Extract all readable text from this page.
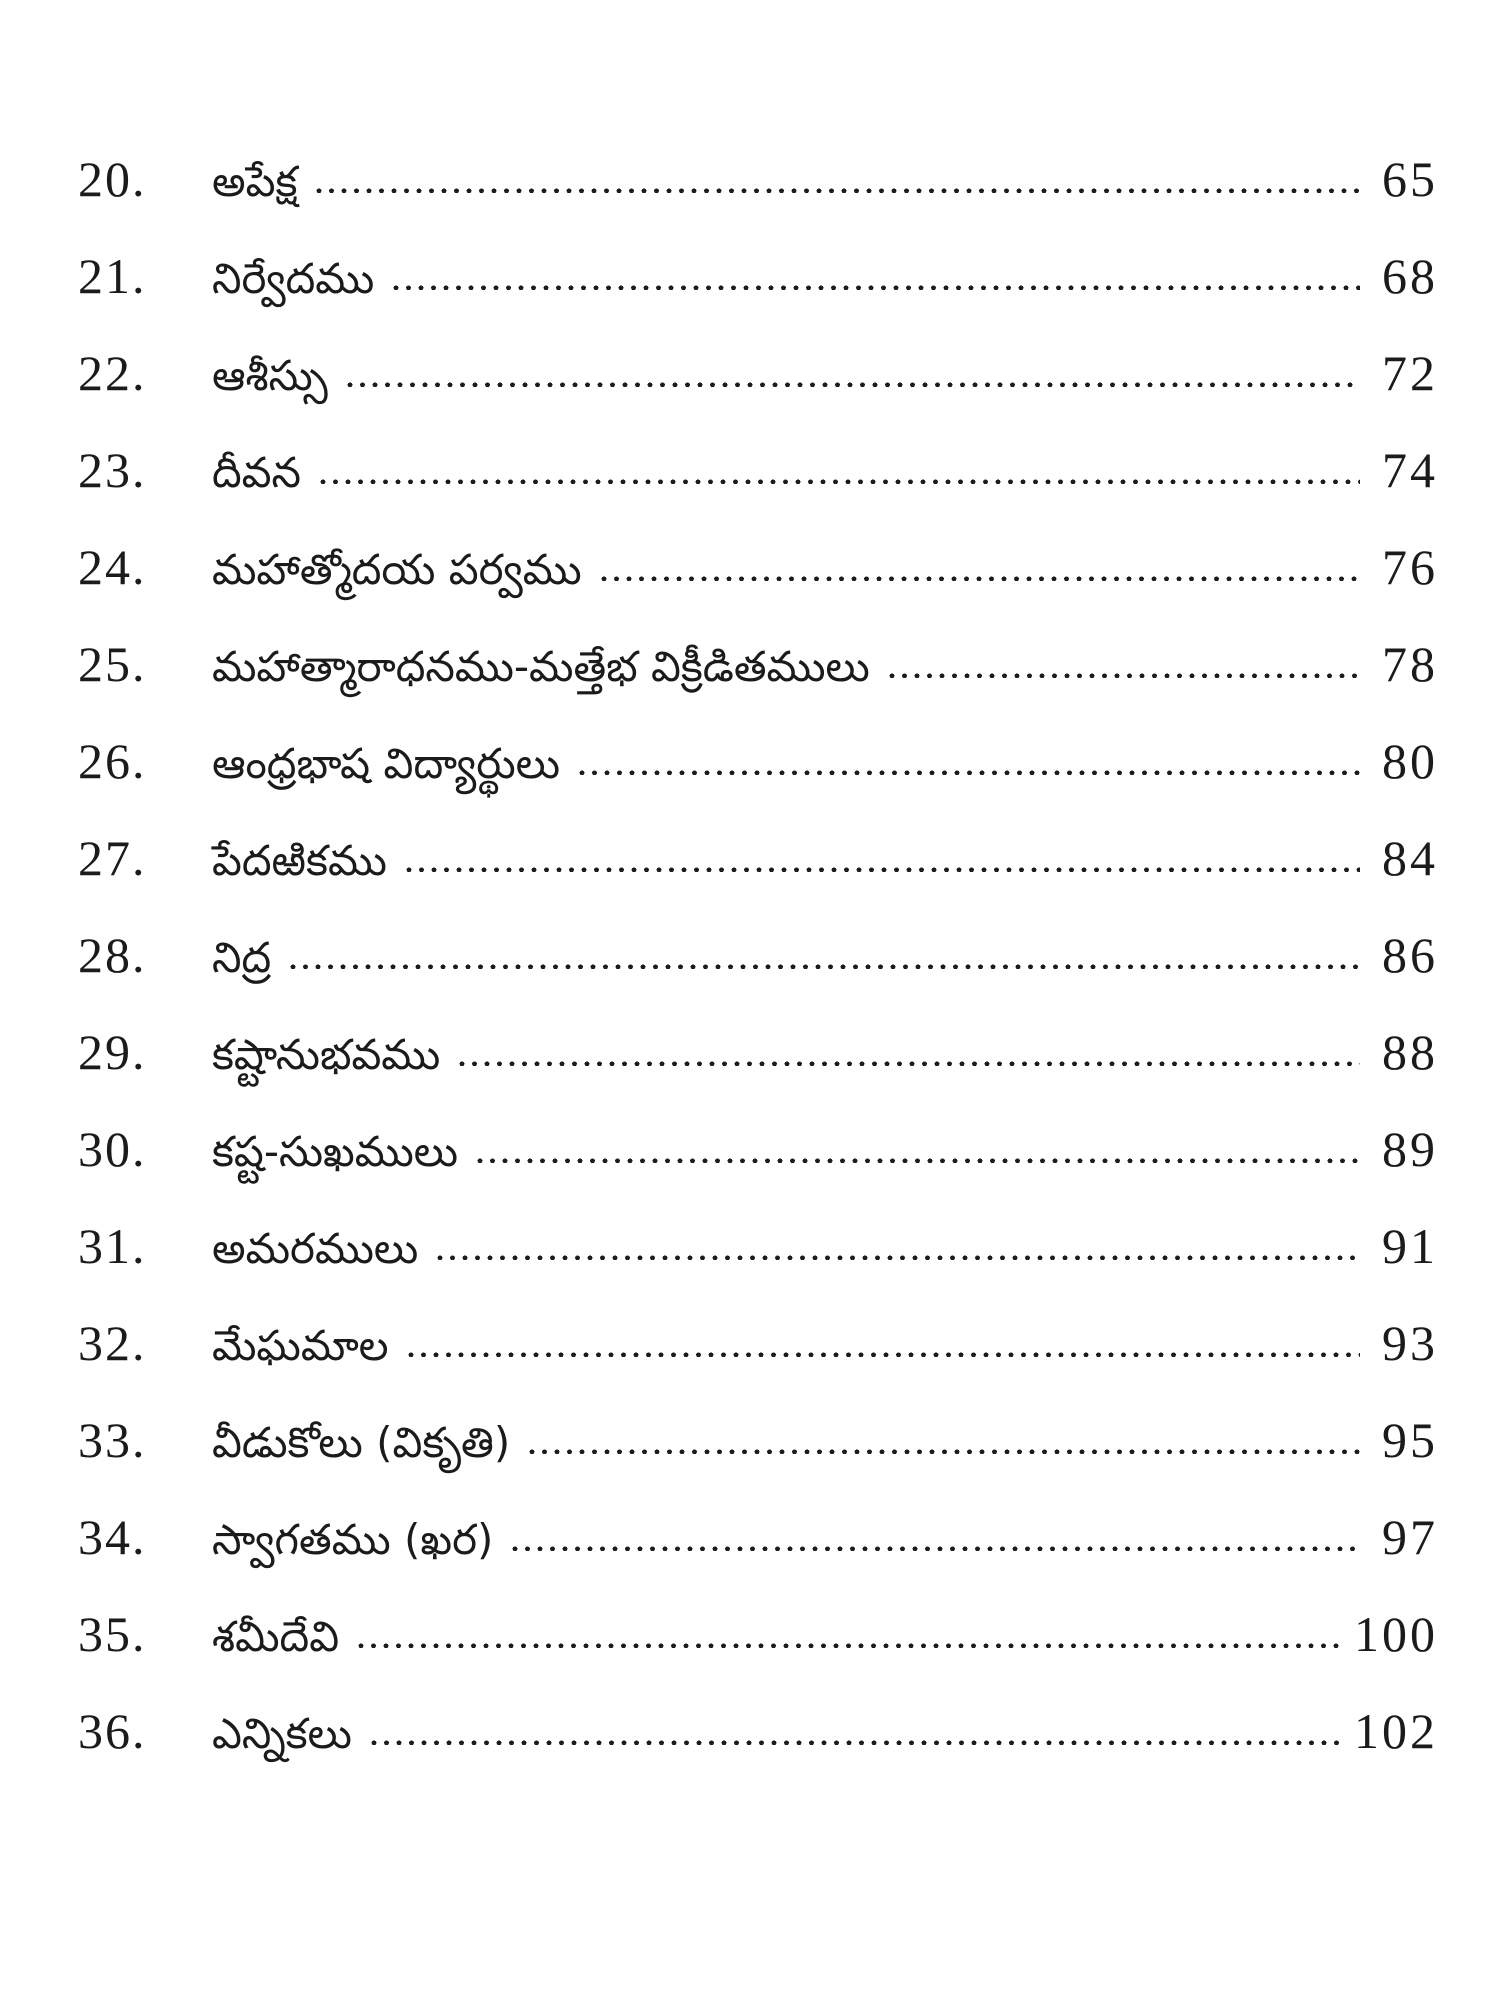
20.	అపేక్ష	65
21.	నిర్వేదము	68
22.	ఆశీస్సు	72
23.	దీవన	74
24.	మహాత్మోదయ పర్వము	76
25.	మహాత్మారాధనము-మత్తేభ విక్రీడితములు	78
26.	ఆంధ్రభాష విద్యార్థులు	80
27.	పేదఱికము	84
28.	నిద్ర	86
29.	కష్టానుభవము	88
30.	కష్ట-సుఖములు	89
31.	అమరములు	91
32.	మేఘమాల	93
33.	వీడుకోలు (వికృతి)	95
34.	స్వాగతము (ఖర)	97
35.	శమీదేవి	100
36.	ఎన్నికలు	102
